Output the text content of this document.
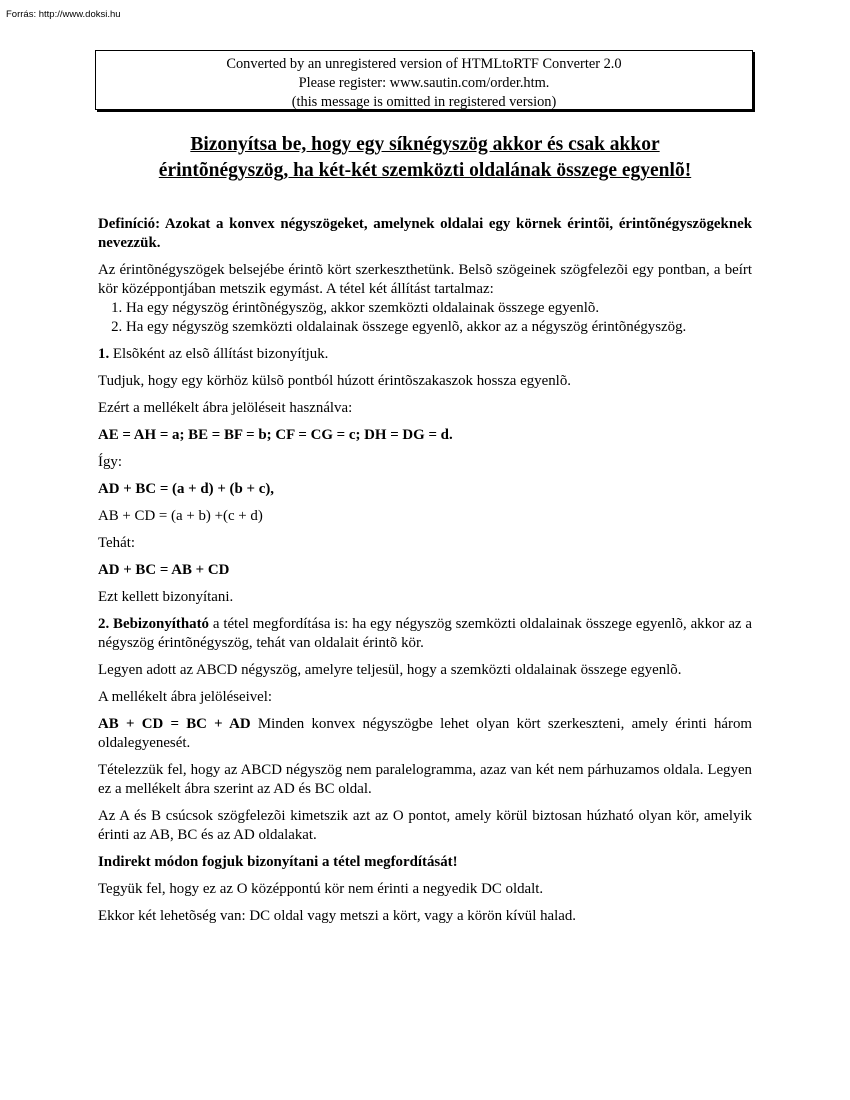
Forrás: http://www.doksi.hu
Converted by an unregistered version of HTMLtoRTF Converter 2.0
Please register: www.sautin.com/order.htm.
(this message is omitted in registered version)
Bizonyítsa be, hogy egy síknégyszög akkor és csak akkor
érintõnégyszög, ha két-két szemközti oldalának összege egyenlõ!

Definíció: Azokat a konvex négyszögeket, amelynek oldalai egy körnek érintõi, érintõnégyszögeknek nevezzük.

Az érintõnégyszögek belsejébe érintõ kört szerkeszthetünk. Belsõ szögeinek szögfelezõi egy pontban, a beírt kör középpontjában metszik egymást. A tétel két állítást tartalmaz:

1. Ha egy négyszög érintõnégyszög, akkor szemközti oldalainak összege egyenlõ.
2. Ha egy négyszög szemközti oldalainak összege egyenlõ, akkor az a négyszög érintõnégyszög.

1. Elsõként az elsõ állítást bizonyítjuk.

Tudjuk, hogy egy körhöz külsõ pontból húzott érintõszakaszok hossza egyenlõ.

Ezért a mellékelt ábra jelöléseit használva:

AE = AH = a; BE = BF = b; CF = CG = c; DH = DG = d.

Így:

AD + BC = (a + d) + (b + c),

AB + CD = (a + b) +(c + d)

Tehát:

AD + BC = AB + CD

Ezt kellett bizonyítani.

2. Bebizonyítható a tétel megfordítása is: ha egy négyszög szemközti oldalainak összege egyenlõ, akkor az a négyszög érintõnégyszög, tehát van oldalait érintõ kör.

Legyen adott az ABCD négyszög, amelyre teljesül, hogy a szemközti oldalainak összege egyenlõ.

A mellékelt ábra jelöléseivel:

AB + CD = BC + AD Minden konvex négyszögbe lehet olyan kört szerkeszteni, amely érinti három oldalegyenesét.

Tételezzük fel, hogy az ABCD négyszög nem paralelogramma, azaz van két nem párhuzamos oldala. Legyen ez a mellékelt ábra szerint az AD és BC oldal.

Az A és B csúcsok szögfelezõi kimetszik azt az O pontot, amely körül biztosan húzható olyan kör, amelyik érinti az AB, BC és az AD oldalakat.

Indirekt módon fogjuk bizonyítani a tétel megfordítását!

Tegyük fel, hogy ez az O középpontú kör nem érinti a negyedik DC oldalt.

Ekkor két lehetõség van: DC oldal vagy metszi a kört, vagy a körön kívül halad.
